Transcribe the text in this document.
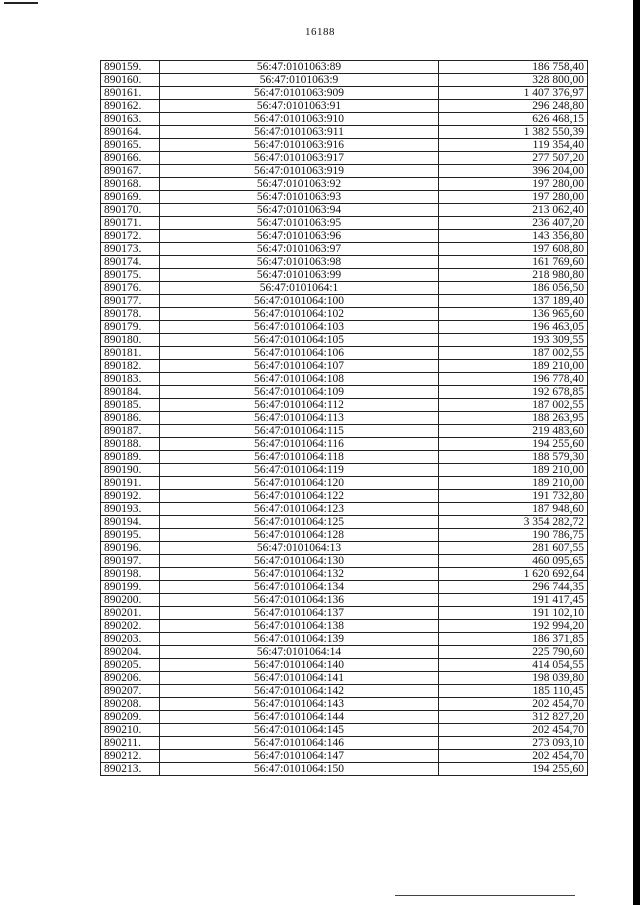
16188
890159.	56:47:0101063:89	186 758,40
890160.	56:47:0101063:9	328 800,00
890161.	56:47:0101063:909	1 407 376,97
890162.	56:47:0101063:91	296 248,80
890163.	56:47:0101063:910	626 468,15
890164.	56:47:0101063:911	1 382 550,39
890165.	56:47:0101063:916	119 354,40
890166.	56:47:0101063:917	277 507,20
890167.	56:47:0101063:919	396 204,00
890168.	56:47:0101063:92	197 280,00
890169.	56:47:0101063:93	197 280,00
890170.	56:47:0101063:94	213 062,40
890171.	56:47:0101063:95	236 407,20
890172.	56:47:0101063:96	143 356,80
890173.	56:47:0101063:97	197 608,80
890174.	56:47:0101063:98	161 769,60
890175.	56:47:0101063:99	218 980,80
890176.	56:47:0101064:1	186 056,50
890177.	56:47:0101064:100	137 189,40
890178.	56:47:0101064:102	136 965,60
890179.	56:47:0101064:103	196 463,05
890180.	56:47:0101064:105	193 309,55
890181.	56:47:0101064:106	187 002,55
890182.	56:47:0101064:107	189 210,00
890183.	56:47:0101064:108	196 778,40
890184.	56:47:0101064:109	192 678,85
890185.	56:47:0101064:112	187 002,55
890186.	56:47:0101064:113	188 263,95
890187.	56:47:0101064:115	219 483,60
890188.	56:47:0101064:116	194 255,60
890189.	56:47:0101064:118	188 579,30
890190.	56:47:0101064:119	189 210,00
890191.	56:47:0101064:120	189 210,00
890192.	56:47:0101064:122	191 732,80
890193.	56:47:0101064:123	187 948,60
890194.	56:47:0101064:125	3 354 282,72
890195.	56:47:0101064:128	190 786,75
890196.	56:47:0101064:13	281 607,55
890197.	56:47:0101064:130	460 095,65
890198.	56:47:0101064:132	1 620 692,64
890199.	56:47:0101064:134	296 744,35
890200.	56:47:0101064:136	191 417,45
890201.	56:47:0101064:137	191 102,10
890202.	56:47:0101064:138	192 994,20
890203.	56:47:0101064:139	186 371,85
890204.	56:47:0101064:14	225 790,60
890205.	56:47:0101064:140	414 054,55
890206.	56:47:0101064:141	198 039,80
890207.	56:47:0101064:142	185 110,45
890208.	56:47:0101064:143	202 454,70
890209.	56:47:0101064:144	312 827,20
890210.	56:47:0101064:145	202 454,70
890211.	56:47:0101064:146	273 093,10
890212.	56:47:0101064:147	202 454,70
890213.	56:47:0101064:150	194 255,60
